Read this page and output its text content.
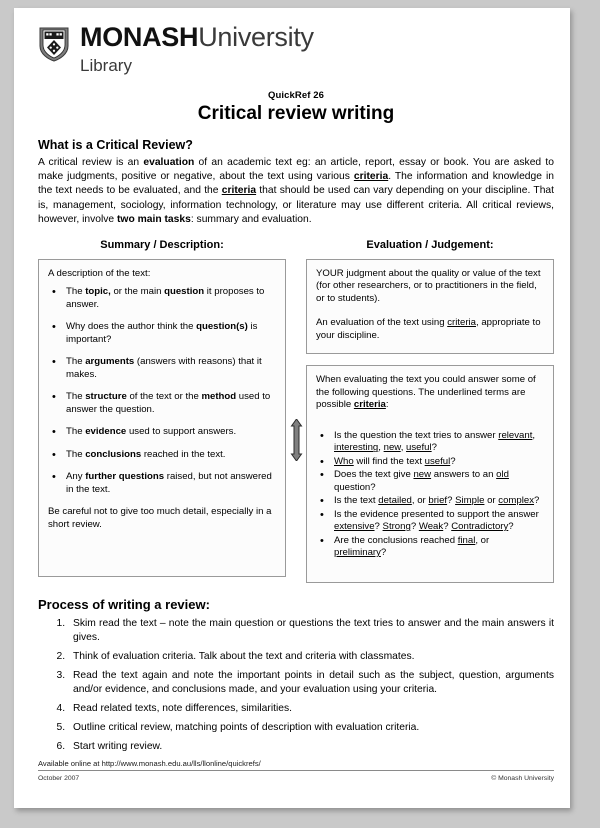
MONASHUniversity
Library
QuickRef 26
Critical review writing
What is a Critical Review?

A critical review is an evaluation of an academic text eg: an article, report, essay or book. You are asked to make judgments, positive or negative, about the text using various criteria. The information and knowledge in the text needs to be evaluated, and the criteria that should be used can vary depending on your discipline. That is, management, sociology, information technology, or literature may use different criteria. All critical reviews, however, involve two main tasks: summary and evaluation.

Summary / Description:

A description of the text:

• The topic, or the main question it proposes to answer.
• Why does the author think the question(s) is important?
• The arguments (answers with reasons) that it makes.
• The structure of the text or the method used to answer the question.
• The evidence used to support answers.
• The conclusions reached in the text.
• Any further questions raised, but not answered in the text.

Be careful not to give too much detail, especially in a short review.

Evaluation / Judgement:

YOUR judgment about the quality or value of the text (for other researchers, or to practitioners in the field, or to students).

An evaluation of the text using criteria, appropriate to your discipline.

When evaluating the text you could answer some of the following questions. The underlined terms are possible criteria:

• Is the question the text tries to answer relevant, interesting, new, useful?
• Who will find the text useful?
• Does the text give new answers to an old question?
• Is the text detailed, or brief? Simple or complex?
• Is the evidence presented to support the answer extensive? Strong? Weak? Contradictory?
• Are the conclusions reached final, or preliminary?
Process of writing a review:
1. Skim read the text – note the main question or questions the text tries to answer and the main answers it gives.
2. Think of evaluation criteria. Talk about the text and criteria with classmates.
3. Read the text again and note the important points in detail such as the subject, question, arguments and/or evidence, and conclusions made, and your evaluation using your criteria.
4. Read related texts, note differences, similarities.
5. Outline critical review, matching points of description with evaluation criteria.
6. Start writing review.
Available online at http://www.monash.edu.au/lls/llonline/quickrefs/
October 2007	© Monash University
